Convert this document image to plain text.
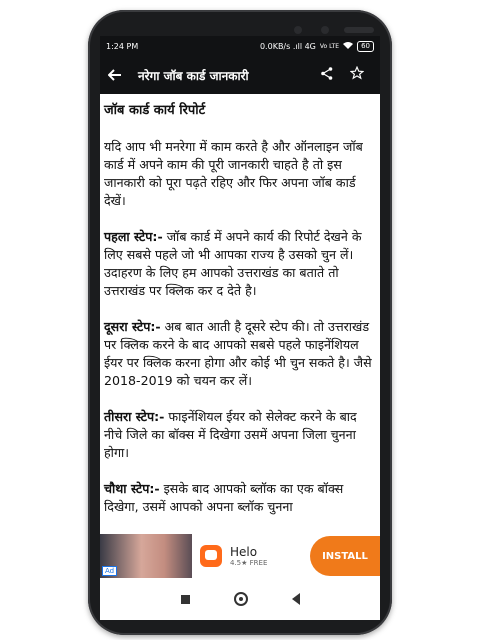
1:24 PM	0.0KB/s .ıll 4G Vo LTE	60
नरेगा जॉब कार्ड जानकारी
जॉब कार्ड कार्य रिपोर्ट

यदि आप भी मनरेगा में काम करते है और ऑनलाइन जॉब कार्ड में अपने काम की पूरी जानकारी चाहते है तो इस जानकारी को पूरा पढ़ते रहिए और फिर अपना जॉब कार्ड देखें।

पहला स्टेप:- जॉब कार्ड में अपने कार्य की रिपोर्ट देखने के लिए सबसे पहले जो भी आपका राज्य है उसको चुन लें। उदाहरण के लिए हम आपको उत्तराखंड का बताते तो उत्तराखंड पर क्लिक कर द देते है।

दूसरा स्टेप:- अब बात आती है दूसरे स्टेप की। तो उत्तराखंड पर क्लिक करने के बाद आपको सबसे पहले फाइनेंशियल ईयर पर क्लिक करना होगा और कोई भी चुन सकते है। जैसे 2018-2019 को चयन कर लें।

तीसरा स्टेप:- फाइनेंशियल ईयर को सेलेक्ट करने के बाद नीचे जिले का बॉक्स में दिखेगा उसमें अपना जिला चुनना होगा।

चौथा स्टेप:- इसके बाद आपको ब्लॉक का एक बॉक्स दिखेगा, उसमें आपको अपना ब्लॉक चुनना

Ad
Helo
4.5★ FREE
INSTALL
